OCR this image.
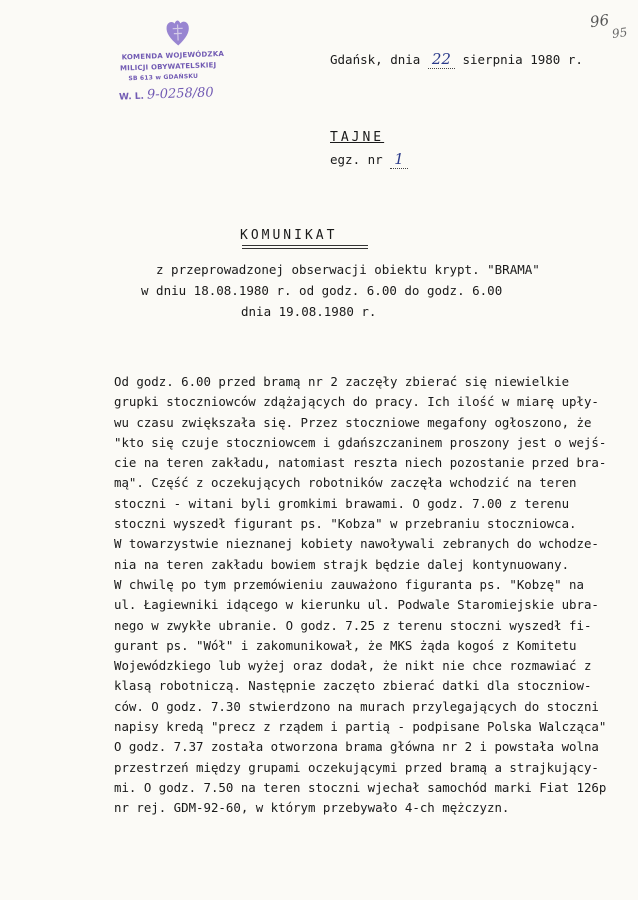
KOMENDA WOJEWÓDZKA
MILICJI OBYWATELSKIEJ
SB 613 w GDAŃSKU
W. L. 9-0258/80
96
95
Gdańsk, dnia 22 sierpnia 1980 r.
TAJNE
egz. nr 1
KOMUNIKAT
z przeprowadzonej obserwacji obiektu krypt. "BRAMA"
w dniu 18.08.1980 r. od godz. 6.00 do godz. 6.00
dnia 19.08.1980 r.
Od godz. 6.00 przed bramą nr 2 zaczęły zbierać się niewielkie
grupki stoczniowców zdążających do pracy. Ich ilość w miarę upły-
wu czasu zwiększała się. Przez stoczniowe megafony ogłoszono, że
"kto się czuje stoczniowcem i gdańszczaninem proszony jest o wejś-
cie na teren zakładu, natomiast reszta niech pozostanie przed bra-
mą". Część z oczekujących robotników zaczęła wchodzić na teren
stoczni - witani byli gromkimi brawami. O godz. 7.00 z terenu
stoczni wyszedł figurant ps. "Kobza" w przebraniu stoczniowca.
W towarzystwie nieznanej kobiety nawoływali zebranych do wchodze-
nia na teren zakładu bowiem strajk będzie dalej kontynuowany.
W chwilę po tym przemówieniu zauważono figuranta ps. "Kobzę" na
ul. Łagiewniki idącego w kierunku ul. Podwale Staromiejskie ubra-
nego w zwykłe ubranie. O godz. 7.25 z terenu stoczni wyszedł fi-
gurant ps. "Wół" i zakomunikował, że MKS żąda kogoś z Komitetu
Wojewódzkiego lub wyżej oraz dodał, że nikt nie chce rozmawiać z
klasą robotniczą. Następnie zaczęto zbierać datki dla stoczniow-
ców. O godz. 7.30 stwierdzono na murach przylegających do stoczni
napisy kredą "precz z rządem i partią - podpisane Polska Walcząca"
O godz. 7.37 została otworzona brama główna nr 2 i powstała wolna
przestrzeń między grupami oczekującymi przed bramą a strajkujący-
mi. O godz. 7.50 na teren stoczni wjechał samochód marki Fiat 126p
nr rej. GDM-92-60, w którym przebywało 4-ch mężczyzn.
